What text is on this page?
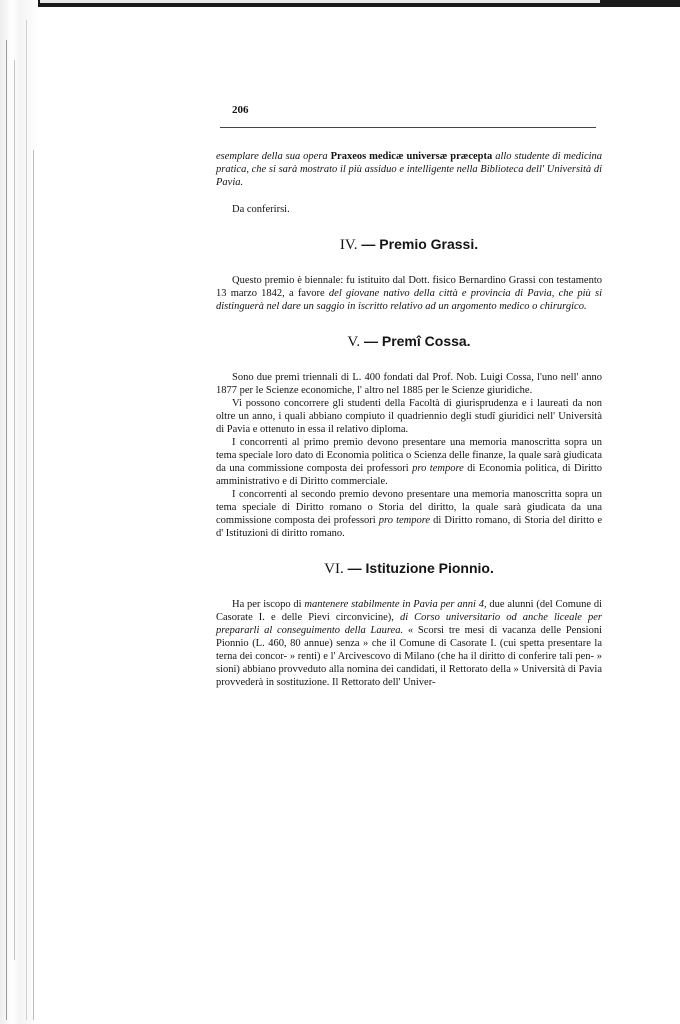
206

esemplare della sua opera Praxeos medicæ universæ præcepta allo studente di medicina pratica, che si sarà mostrato il più assiduo e intelligente nella Biblioteca dell' Università di Pavia.

Da conferirsi.

IV. — Premio Grassi.

Questo premio è biennale: fu istituito dal Dott. fisico Bernardino Grassi con testamento 13 marzo 1842, a favore del giovane nativo della città e provincia di Pavia, che più si distinguerà nel dare un saggio in iscritto relativo ad un argomento medico o chirurgico.

V. — Premî Cossa.

Sono due premi triennali di L. 400 fondati dal Prof. Nob. Luigi Cossa, l'uno nell' anno 1877 per le Scienze economiche, l' altro nel 1885 per le Scienze giuridiche.

Vi possono concorrere gli studenti della Facoltà di giurisprudenza e i laureati da non oltre un anno, i quali abbiano compiuto il quadriennio degli studî giuridici nell' Università di Pavia e ottenuto in essa il relativo diploma.

I concorrenti al primo premio devono presentare una memoria manoscritta sopra un tema speciale loro dato di Economia politica o Scienza delle finanze, la quale sarà giudicata da una commissione composta dei professori pro tempore di Economia politica, di Diritto amministrativo e di Diritto commerciale.

I concorrenti al secondo premio devono presentare una memoria manoscritta sopra un tema speciale di Diritto romano o Storia del diritto, la quale sarà giudicata da una commissione composta dei professori pro tempore di Diritto romano, di Storia del diritto e d' Istituzioni di diritto romano.

VI. — Istituzione Pionnio.

Ha per iscopo di mantenere stabilmente in Pavia per anni 4, due alunni (del Comune di Casorate I. e delle Pievi circonvicine), di Corso universitario od anche liceale per prepararli al conseguimento della Laurea. « Scorsi tre mesi di vacanza delle Pensioni Pionnio (L. 460, 80 annue) senza » che il Comune di Casorate I. (cui spetta presentare la terna dei concor- » renti) e l' Arcivescovo di Milano (che ha il diritto di conferire tali pen- » sioni) abbiano provveduto alla nomina dei candidati, il Rettorato della » Università di Pavia provvederà in sostituzione. Il Rettorato dell' Univer-
